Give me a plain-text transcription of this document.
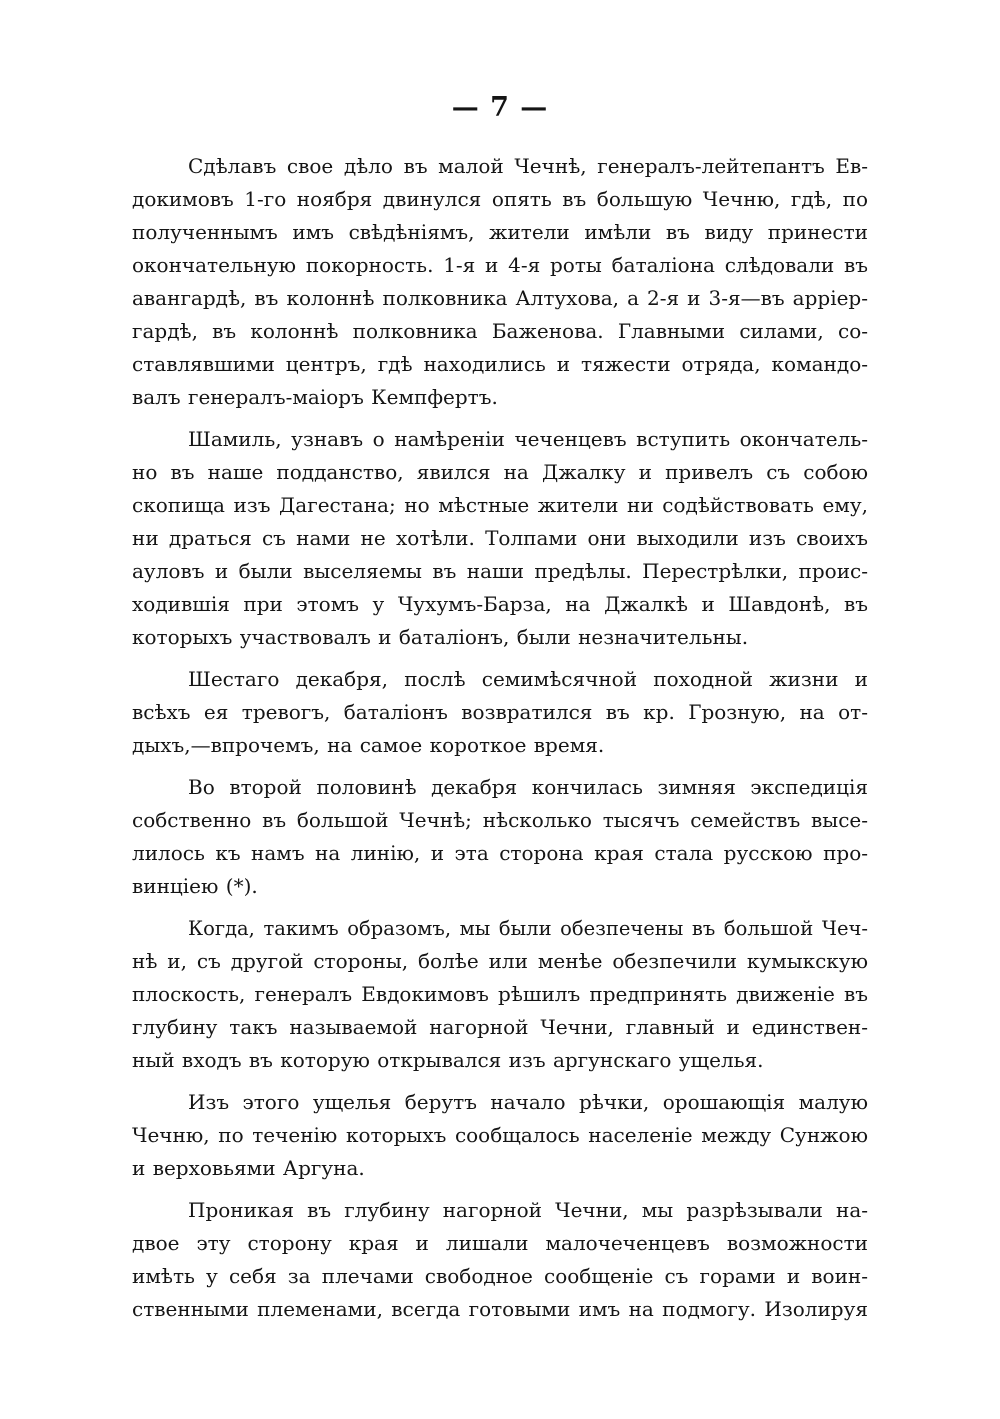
— 7 —
Сдѣлавъ свое дѣло въ малой Чечнѣ, генералъ-лейтепантъ Ев-
докимовъ 1-го ноября двинулся опять въ большую Чечню, гдѣ, по
полученнымъ имъ свѣдѣніямъ, жители имѣли въ виду принести
окончательную покорность. 1-я и 4-я роты баталіона слѣдовали въ
авангардѣ, въ колоннѣ полковника Алтухова, а 2-я и 3-я—въ арріер-
гардѣ, въ колоннѣ полковника Баженова. Главными силами, со-
ставлявшими центръ, гдѣ находились и тяжести отряда, командо-
валъ генералъ-маіоръ Кемпфертъ.
Шамиль, узнавъ о намѣреніи чеченцевъ вступить окончатель-
но въ наше подданство, явился на Джалку и привелъ съ собою
скопища изъ Дагестана; но мѣстные жители ни содѣйствовать ему,
ни драться съ нами не хотѣли. Толпами они выходили изъ своихъ
ауловъ и были выселяемы въ наши предѣлы. Перестрѣлки, проис-
ходившія при этомъ у Чухумъ-Барза, на Джалкѣ и Шавдонѣ, въ
которыхъ участвовалъ и баталіонъ, были незначительны.
Шестаго декабря, послѣ семимѣсячной походной жизни и
всѣхъ ея тревогъ, баталіонъ возвратился въ кр. Грозную, на от-
дыхъ,—впрочемъ, на самое короткое время.
Во второй половинѣ декабря кончилась зимняя экспедиція
собственно въ большой Чечнѣ; нѣсколько тысячъ семействъ высе-
лилось къ намъ на линію, и эта сторона края стала русскою про-
винціею (*).
Когда, такимъ образомъ, мы были обезпечены въ большой Чеч-
нѣ и, съ другой стороны, болѣе или менѣе обезпечили кумыкскую
плоскость, генералъ Евдокимовъ рѣшилъ предпринять движеніе въ
глубину такъ называемой нагорной Чечни, главный и единствен-
ный входъ въ которую открывался изъ аргунскаго ущелья.
Изъ этого ущелья берутъ начало рѣчки, орошающія малую
Чечню, по теченію которыхъ сообщалось населеніе между Сунжою
и верховьями Аргуна.
Проникая въ глубину нагорной Чечни, мы разрѣзывали на-
двое эту сторону края и лишали малочеченцевъ возможности
имѣть у себя за плечами свободное сообщеніе съ горами и воин-
ственными племенами, всегда готовыми имъ на подмогу. Изолируя
